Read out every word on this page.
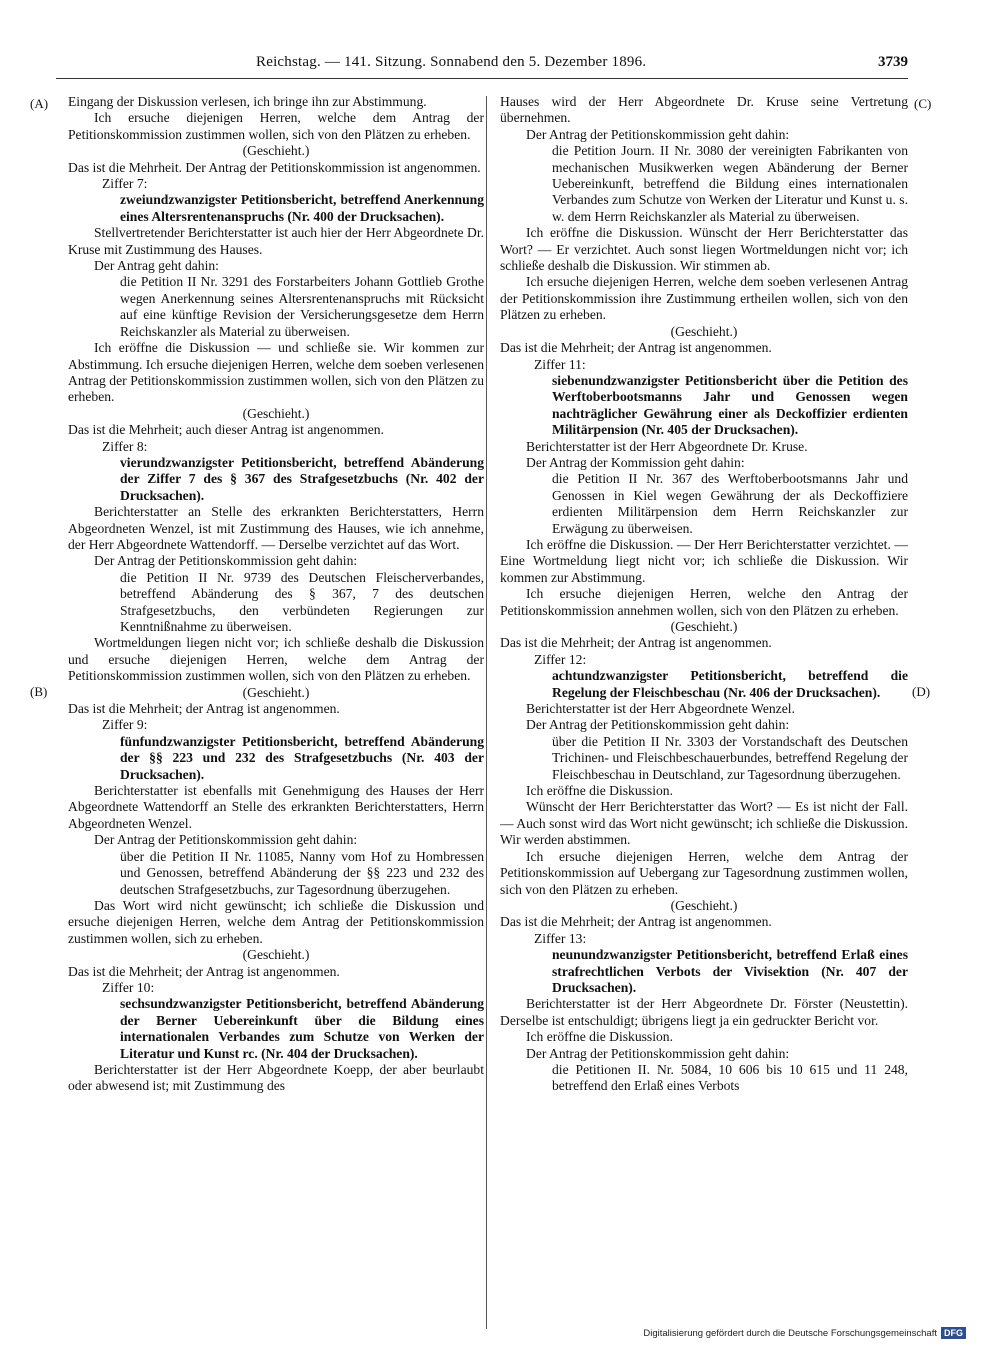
Reichstag. — 141. Sitzung. Sonnabend den 5. Dezember 1896.	3739
(A)
(B)
(C)
(D)

Eingang der Diskussion verlesen, ich bringe ihn zur Abstimmung.

Ich ersuche diejenigen Herren, welche dem Antrag der Petitionskommission zustimmen wollen, sich von den Plätzen zu erheben.

(Geschieht.)

Das ist die Mehrheit. Der Antrag der Petitionskommission ist angenommen.

Ziffer 7:

zweiundzwanzigster Petitionsbericht, betreffend Anerkennung eines Altersrentenanspruchs (Nr. 400 der Drucksachen).

Stellvertretender Berichterstatter ist auch hier der Herr Abgeordnete Dr. Kruse mit Zustimmung des Hauses.

Der Antrag geht dahin:

die Petition II Nr. 3291 des Forstarbeiters Johann Gottlieb Grothe wegen Anerkennung seines Altersrentenanspruchs mit Rücksicht auf eine künftige Revision der Versicherungsgesetze dem Herrn Reichskanzler als Material zu überweisen.

Ich eröffne die Diskussion — und schließe sie. Wir kommen zur Abstimmung. Ich ersuche diejenigen Herren, welche dem soeben verlesenen Antrag der Petitionskommission zustimmen wollen, sich von den Plätzen zu erheben.

(Geschieht.)

Das ist die Mehrheit; auch dieser Antrag ist angenommen.

Ziffer 8:

vierundzwanzigster Petitionsbericht, betreffend Abänderung der Ziffer 7 des § 367 des Strafgesetzbuchs (Nr. 402 der Drucksachen).

Berichterstatter an Stelle des erkrankten Berichterstatters, Herrn Abgeordneten Wenzel, ist mit Zustimmung des Hauses, wie ich annehme, der Herr Abgeordnete Wattendorff. — Derselbe verzichtet auf das Wort.

Der Antrag der Petitionskommission geht dahin:

die Petition II Nr. 9739 des Deutschen Fleischerverbandes, betreffend Abänderung des § 367, 7 des deutschen Strafgesetzbuchs, den verbündeten Regierungen zur Kenntnißnahme zu überweisen.

Wortmeldungen liegen nicht vor; ich schließe deshalb die Diskussion und ersuche diejenigen Herren, welche dem Antrag der Petitionskommission zustimmen wollen, sich von den Plätzen zu erheben.

(Geschieht.)

Das ist die Mehrheit; der Antrag ist angenommen.

Ziffer 9:

fünfundzwanzigster Petitionsbericht, betreffend Abänderung der §§ 223 und 232 des Strafgesetzbuchs (Nr. 403 der Drucksachen).

Berichterstatter ist ebenfalls mit Genehmigung des Hauses der Herr Abgeordnete Wattendorff an Stelle des erkrankten Berichterstatters, Herrn Abgeordneten Wenzel.

Der Antrag der Petitionskommission geht dahin:

über die Petition II Nr. 11085, Nanny vom Hof zu Hombressen und Genossen, betreffend Abänderung der §§ 223 und 232 des deutschen Strafgesetzbuchs, zur Tagesordnung überzugehen.

Das Wort wird nicht gewünscht; ich schließe die Diskussion und ersuche diejenigen Herren, welche dem Antrag der Petitionskommission zustimmen wollen, sich zu erheben.

(Geschieht.)

Das ist die Mehrheit; der Antrag ist angenommen.

Ziffer 10:

sechsundzwanzigster Petitionsbericht, betreffend Abänderung der Berner Uebereinkunft über die Bildung eines internationalen Verbandes zum Schutze von Werken der Literatur und Kunst rc. (Nr. 404 der Drucksachen).

Berichterstatter ist der Herr Abgeordnete Koepp, der aber beurlaubt oder abwesend ist; mit Zustimmung des

Hauses wird der Herr Abgeordnete Dr. Kruse seine Vertretung übernehmen.

Der Antrag der Petitionskommission geht dahin:

die Petition Journ. II Nr. 3080 der vereinigten Fabrikanten von mechanischen Musikwerken wegen Abänderung der Berner Uebereinkunft, betreffend die Bildung eines internationalen Verbandes zum Schutze von Werken der Literatur und Kunst u. s. w. dem Herrn Reichskanzler als Material zu überweisen.

Ich eröffne die Diskussion. Wünscht der Herr Berichterstatter das Wort? — Er verzichtet. Auch sonst liegen Wortmeldungen nicht vor; ich schließe deshalb die Diskussion. Wir stimmen ab.

Ich ersuche diejenigen Herren, welche dem soeben verlesenen Antrag der Petitionskommission ihre Zustimmung ertheilen wollen, sich von den Plätzen zu erheben.

(Geschieht.)

Das ist die Mehrheit; der Antrag ist angenommen.

Ziffer 11:

siebenundzwanzigster Petitionsbericht über die Petition des Werftoberbootsmanns Jahr und Genossen wegen nachträglicher Gewährung einer als Deckoffizier erdienten Militärpension (Nr. 405 der Drucksachen).

Berichterstatter ist der Herr Abgeordnete Dr. Kruse.

Der Antrag der Kommission geht dahin:

die Petition II Nr. 367 des Werftoberbootsmanns Jahr und Genossen in Kiel wegen Gewährung der als Deckoffiziere erdienten Militärpension dem Herrn Reichskanzler zur Erwägung zu überweisen.

Ich eröffne die Diskussion. — Der Herr Berichterstatter verzichtet. — Eine Wortmeldung liegt nicht vor; ich schließe die Diskussion. Wir kommen zur Abstimmung.

Ich ersuche diejenigen Herren, welche den Antrag der Petitionskommission annehmen wollen, sich von den Plätzen zu erheben.

(Geschieht.)

Das ist die Mehrheit; der Antrag ist angenommen.

Ziffer 12:

achtundzwanzigster Petitionsbericht, betreffend die Regelung der Fleischbeschau (Nr. 406 der Drucksachen).

Berichterstatter ist der Herr Abgeordnete Wenzel.

Der Antrag der Petitionskommission geht dahin:

über die Petition II Nr. 3303 der Vorstandschaft des Deutschen Trichinen- und Fleischbeschauerbundes, betreffend Regelung der Fleischbeschau in Deutschland, zur Tagesordnung überzugehen.

Ich eröffne die Diskussion.

Wünscht der Herr Berichterstatter das Wort? — Es ist nicht der Fall. — Auch sonst wird das Wort nicht gewünscht; ich schließe die Diskussion. Wir werden abstimmen.

Ich ersuche diejenigen Herren, welche dem Antrag der Petitionskommission auf Uebergang zur Tagesordnung zustimmen wollen, sich von den Plätzen zu erheben.

(Geschieht.)

Das ist die Mehrheit; der Antrag ist angenommen.

Ziffer 13:

neunundzwanzigster Petitionsbericht, betreffend Erlaß eines strafrechtlichen Verbots der Vivisektion (Nr. 407 der Drucksachen).

Berichterstatter ist der Herr Abgeordnete Dr. Förster (Neustettin). Derselbe ist entschuldigt; übrigens liegt ja ein gedruckter Bericht vor.

Ich eröffne die Diskussion.

Der Antrag der Petitionskommission geht dahin:

die Petitionen II. Nr. 5084, 10 606 bis 10 615 und 11 248, betreffend den Erlaß eines Verbots

Digitalisierung gefördert durch die Deutsche Forschungsgemeinschaft DFG
